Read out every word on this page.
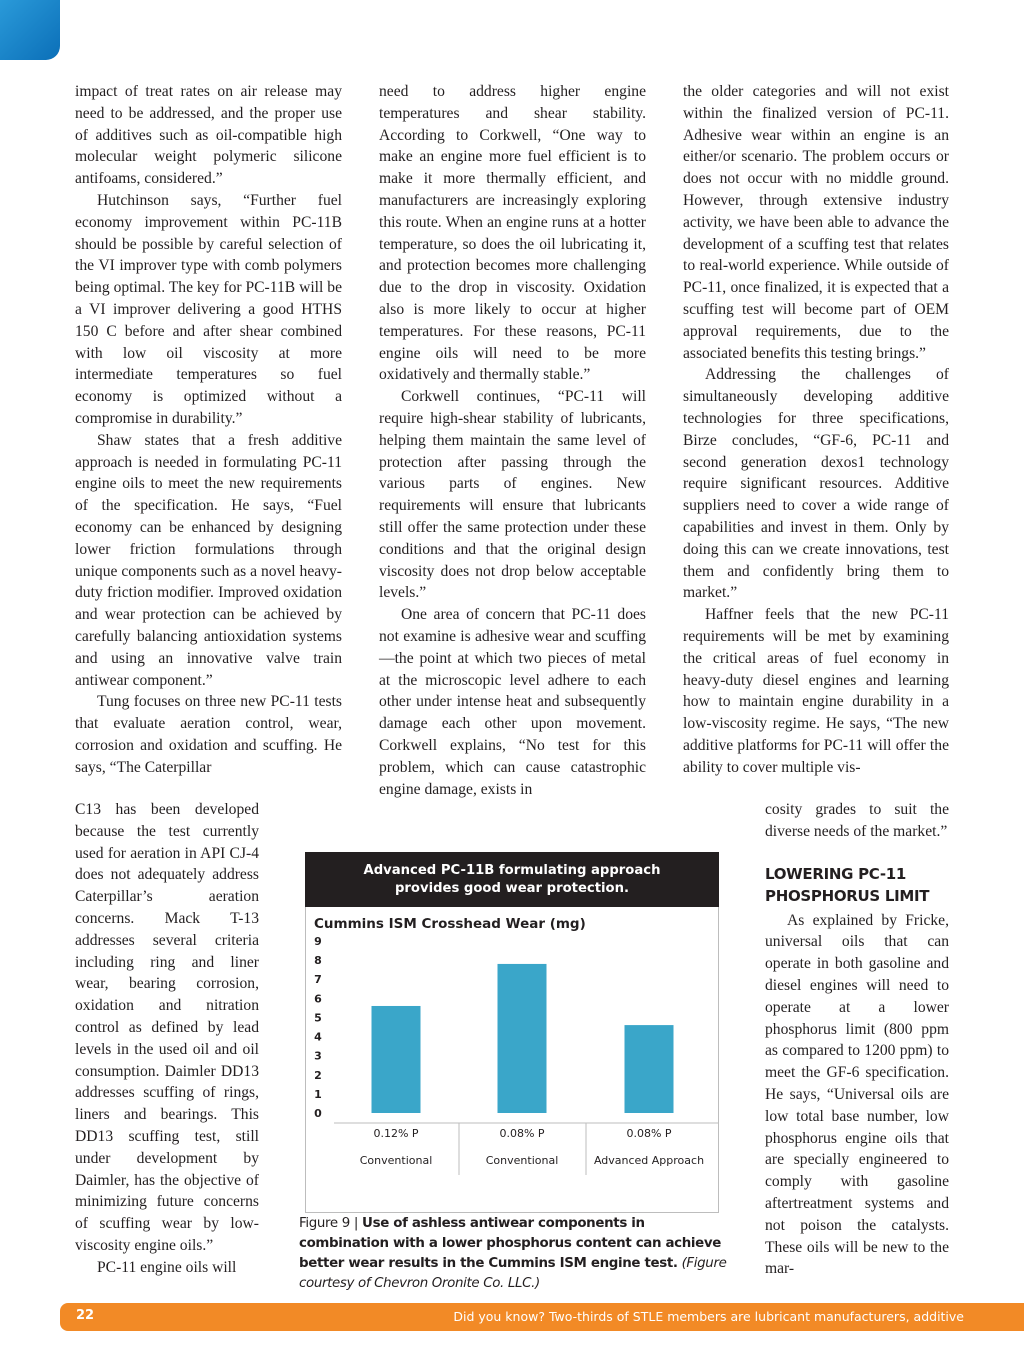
impact of treat rates on air release may need to be addressed, and the proper use of additives such as oil-compatible high molecular weight polymeric silicone antifoams, considered.”

Hutchinson says, “Further fuel economy improvement within PC-11B should be possible by careful selection of the VI improver type with comb polymers being optimal. The key for PC-11B will be a VI improver delivering a good HTHS 150 C before and after shear combined with low oil viscosity at more intermediate temperatures so fuel economy is optimized without a compromise in durability.”

Shaw states that a fresh additive approach is needed in formulating PC-11 engine oils to meet the new requirements of the specification. He says, “Fuel economy can be enhanced by designing lower friction formulations through unique components such as a novel heavy-duty friction modifier. Improved oxidation and wear protection can be achieved by carefully balancing antioxidation systems and using an innovative valve train antiwear component.”

Tung focuses on three new PC-11 tests that evaluate aeration control, wear, corrosion and oxidation and scuffing. He says, “The Caterpillar

C13 has been developed because the test currently used for aeration in API CJ-4 does not adequately address Caterpillar’s aeration concerns. Mack T-13 addresses several criteria including ring and liner wear, bearing corrosion, oxidation and nitration control as defined by lead levels in the used oil and oil consumption. Daimler DD13 addresses scuffing of rings, liners and bearings. This DD13 scuffing test, still under development by Daimler, has the objective of minimizing future concerns of scuffing wear by low-viscosity engine oils.”

PC-11 engine oils will

need to address higher engine temperatures and shear stability. According to Corkwell, “One way to make an engine more fuel efficient is to make it more thermally efficient, and manufacturers are increasingly exploring this route. When an engine runs at a hotter temperature, so does the oil lubricating it, and protection becomes more challenging due to the drop in viscosity. Oxidation also is more likely to occur at higher temperatures. For these reasons, PC-11 engine oils will need to be more oxidatively and thermally stable.”

Corkwell continues, “PC-11 will require high-shear stability of lubricants, helping them maintain the same level of protection after passing through the various parts of engines. New requirements will ensure that lubricants still offer the same protection under these conditions and that the original design viscosity does not drop below acceptable levels.”

One area of concern that PC-11 does not examine is adhesive wear and scuffing—the point at which two pieces of metal at the microscopic level adhere to each other under intense heat and subsequently damage each other upon movement. Corkwell explains, “No test for this problem, which can cause catastrophic engine damage, exists in

the older categories and will not exist within the finalized version of PC-11. Adhesive wear within an engine is an either/or scenario. The problem occurs or does not occur with no middle ground. However, through extensive industry activity, we have been able to advance the development of a scuffing test that relates to real-world experience. While outside of PC-11, once finalized, it is expected that a scuffing test will become part of OEM approval requirements, due to the associated benefits this testing brings.”

Addressing the challenges of simultaneously developing additive technologies for three specifications, Birze concludes, “GF-6, PC-11 and second generation dexos1 technology require significant resources. Additive suppliers need to cover a wide range of capabilities and invest in them. Only by doing this can we create innovations, test them and confidently bring them to market.”

Haffner feels that the new PC-11 requirements will be met by examining the critical areas of fuel economy in heavy-duty diesel engines and learning how to maintain engine durability in a low-viscosity regime. He says, “The new additive platforms for PC-11 will offer the ability to cover multiple vis-

cosity grades to suit the diverse needs of the market.”

LOWERING PC-11 PHOSPHORUS LIMIT

As explained by Fricke, universal oils that can operate in both gasoline and diesel engines will need to operate at a lower phosphorus limit (800 ppm as compared to 1200 ppm) to meet the GF-6 specification. He says, “Universal oils are low total base number, low phosphorus engine oils that are specially engineered to comply with gasoline aftertreatment systems and not poison the catalysts. These oils will be new to the mar-

Advanced PC-11B formulating approach
provides good wear protection.
Cummins ISM Crosshead Wear (mg)
0
1
2
3
4
5
6
7
8
9
0.12% P
Conventional
0.08% P
Conventional
0.08% P
Advanced Approach
Figure 9 | Use of ashless antiwear components in combination with a lower phosphorus content can achieve better wear results in the Cummins ISM engine test. (Figure courtesy of Chevron Oronite Co. LLC.)
22	Did you know? Two-thirds of STLE members are lubricant manufacturers, additive
